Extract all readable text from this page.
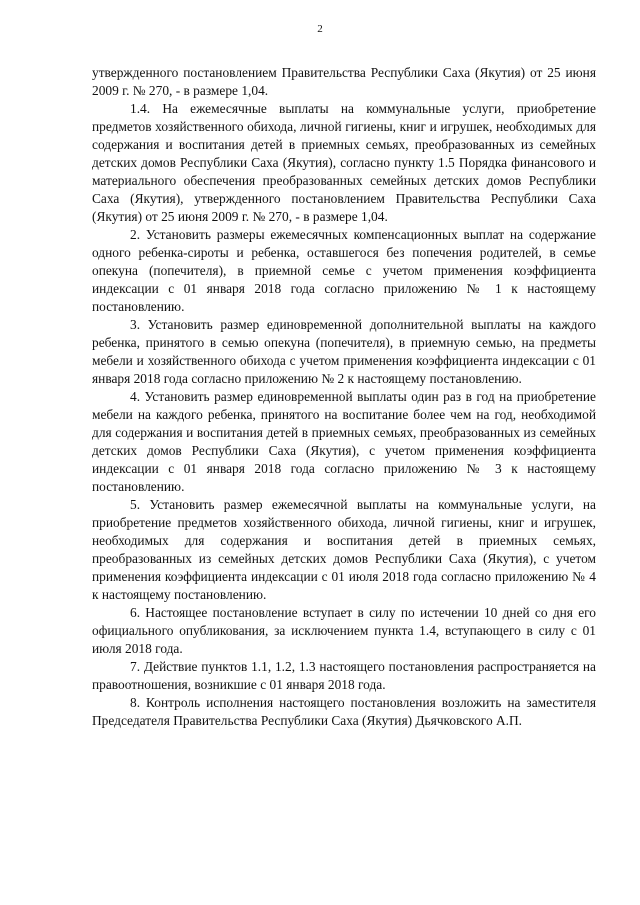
2

утвержденного постановлением Правительства Республики Саха (Якутия) от 25 июня 2009 г. № 270, - в размере 1,04.

1.4. На ежемесячные выплаты на коммунальные услуги, приобретение предметов хозяйственного обихода, личной гигиены, книг и игрушек, необходимых для содержания и воспитания детей в приемных семьях, преобразованных из семейных детских домов Республики Саха (Якутия), согласно пункту 1.5 Порядка финансового и материального обеспечения преобразованных семейных детских домов Республики Саха (Якутия), утвержденного постановлением Правительства Республики Саха (Якутия) от 25 июня 2009 г. № 270, - в размере 1,04.

2. Установить размеры ежемесячных компенсационных выплат на содержание одного ребенка-сироты и ребенка, оставшегося без попечения родителей, в семье опекуна (попечителя), в приемной семье с учетом применения коэффициента индексации с 01 января 2018 года согласно приложению № 1 к настоящему постановлению.

3. Установить размер единовременной дополнительной выплаты на каждого ребенка, принятого в семью опекуна (попечителя), в приемную семью, на предметы мебели и хозяйственного обихода с учетом применения коэффициента индексации с 01 января 2018 года согласно приложению № 2 к настоящему постановлению.

4. Установить размер единовременной выплаты один раз в год на приобретение мебели на каждого ребенка, принятого на воспитание более чем на год, необходимой для содержания и воспитания детей в приемных семьях, преобразованных из семейных детских домов Республики Саха (Якутия), с учетом применения коэффициента индексации с 01 января 2018 года согласно приложению № 3 к настоящему постановлению.

5. Установить размер ежемесячной выплаты на коммунальные услуги, на приобретение предметов хозяйственного обихода, личной гигиены, книг и игрушек, необходимых для содержания и воспитания детей в приемных семьях, преобразованных из семейных детских домов Республики Саха (Якутия), с учетом применения коэффициента индексации с 01 июля 2018 года согласно приложению № 4 к настоящему постановлению.

6. Настоящее постановление вступает в силу по истечении 10 дней со дня его официального опубликования, за исключением пункта 1.4, вступающего в силу с 01 июля 2018 года.

7. Действие пунктов 1.1, 1.2, 1.3 настоящего постановления распространяется на правоотношения, возникшие с 01 января 2018 года.

8. Контроль исполнения настоящего постановления возложить на заместителя Председателя Правительства Республики Саха (Якутия) Дьячковского А.П.
